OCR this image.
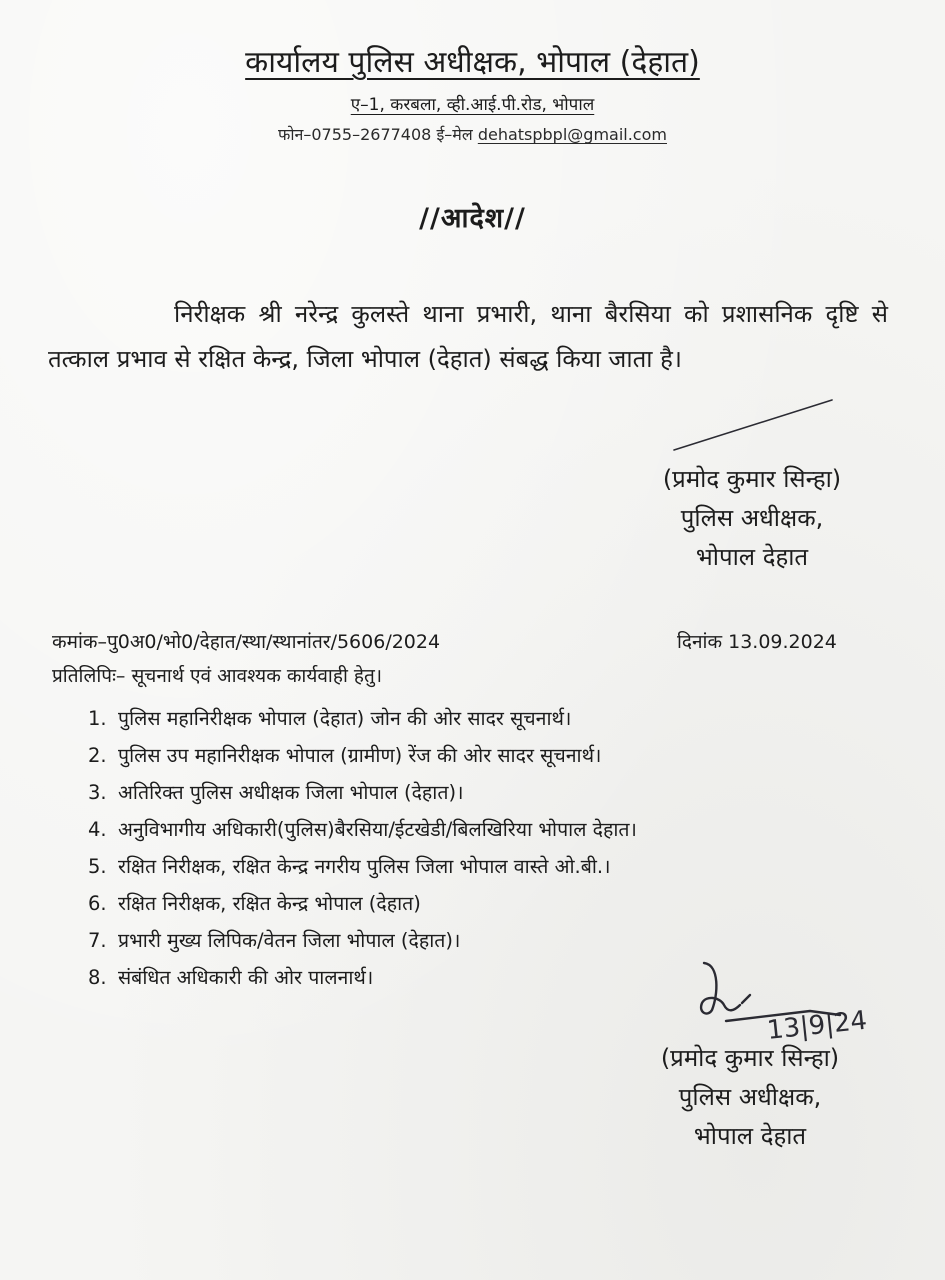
कार्यालय पुलिस अधीक्षक, भोपाल (देहात)
ए–1, करबला, व्ही.आई.पी.रोड, भोपाल
फोन–0755–2677408 ई–मेल dehatspbpl@gmail.com
//आदेश//
निरीक्षक श्री नरेन्द्र कुलस्ते थाना प्रभारी, थाना बैरसिया को प्रशासनिक दृष्टि से तत्काल प्रभाव से रक्षित केन्द्र, जिला भोपाल (देहात) संबद्ध किया जाता है।
(प्रमोद कुमार सिन्हा)
पुलिस अधीक्षक,
भोपाल देहात
कमांक–पु0अ0/भो0/देहात/स्था/स्थानांतर/5606/2024	दिनांक 13.09.2024
प्रतिलिपिः– सूचनार्थ एवं आवश्यक कार्यवाही हेतु।
1. पुलिस महानिरीक्षक भोपाल (देहात) जोन की ओर सादर सूचनार्थ।
2. पुलिस उप महानिरीक्षक भोपाल (ग्रामीण) रेंज की ओर सादर सूचनार्थ।
3. अतिरिक्त पुलिस अधीक्षक जिला भोपाल (देहात)।
4. अनुविभागीय अधिकारी(पुलिस)बैरसिया/ईटखेडी/बिलखिरिया भोपाल देहात।
5. रक्षित निरीक्षक, रक्षित केन्द्र नगरीय पुलिस जिला भोपाल वास्ते ओ.बी.।
6. रक्षित निरीक्षक, रक्षित केन्द्र भोपाल (देहात)
7. प्रभारी मुख्य लिपिक/वेतन जिला भोपाल (देहात)।
8. संबंधित अधिकारी की ओर पालनार्थ।
13|9|24
(प्रमोद कुमार सिन्हा)
पुलिस अधीक्षक,
भोपाल देहात
